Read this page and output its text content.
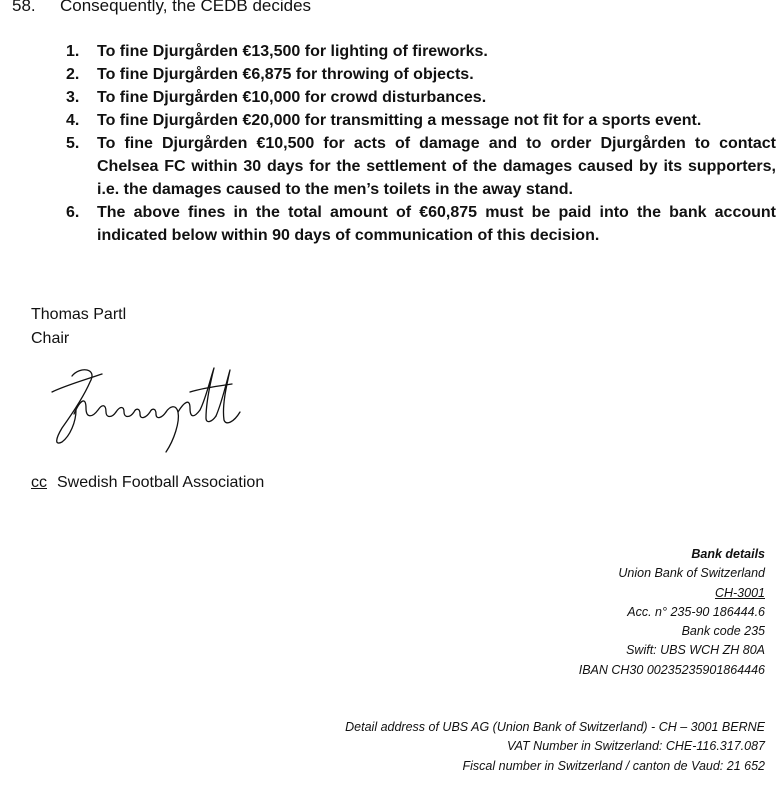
58. Consequently, the CEDB decides
1.	To fine Djurgården €13,500 for lighting of fireworks.
2.	To fine Djurgården €6,875 for throwing of objects.
3.	To fine Djurgården €10,000 for crowd disturbances.
4.	To fine Djurgården €20,000 for transmitting a message not fit for a sports event.
5.	To fine Djurgården €10,500 for acts of damage and to order Djurgården to contact Chelsea FC within 30 days for the settlement of the damages caused by its supporters, i.e. the damages caused to the men’s toilets in the away stand.
6.	The above fines in the total amount of €60,875 must be paid into the bank account indicated below within 90 days of communication of this decision.
Thomas Partl
Chair
cc Swedish Football Association
Bank details
Union Bank of Switzerland
CH-3001
Acc. n° 235-90 186444.6
Bank code 235
Swift: UBS WCH ZH 80A
IBAN CH30 00235235901864446
Detail address of UBS AG (Union Bank of Switzerland) - CH – 3001 BERNE
VAT Number in Switzerland: CHE-116.317.087
Fiscal number in Switzerland / canton de Vaud: 21 652
